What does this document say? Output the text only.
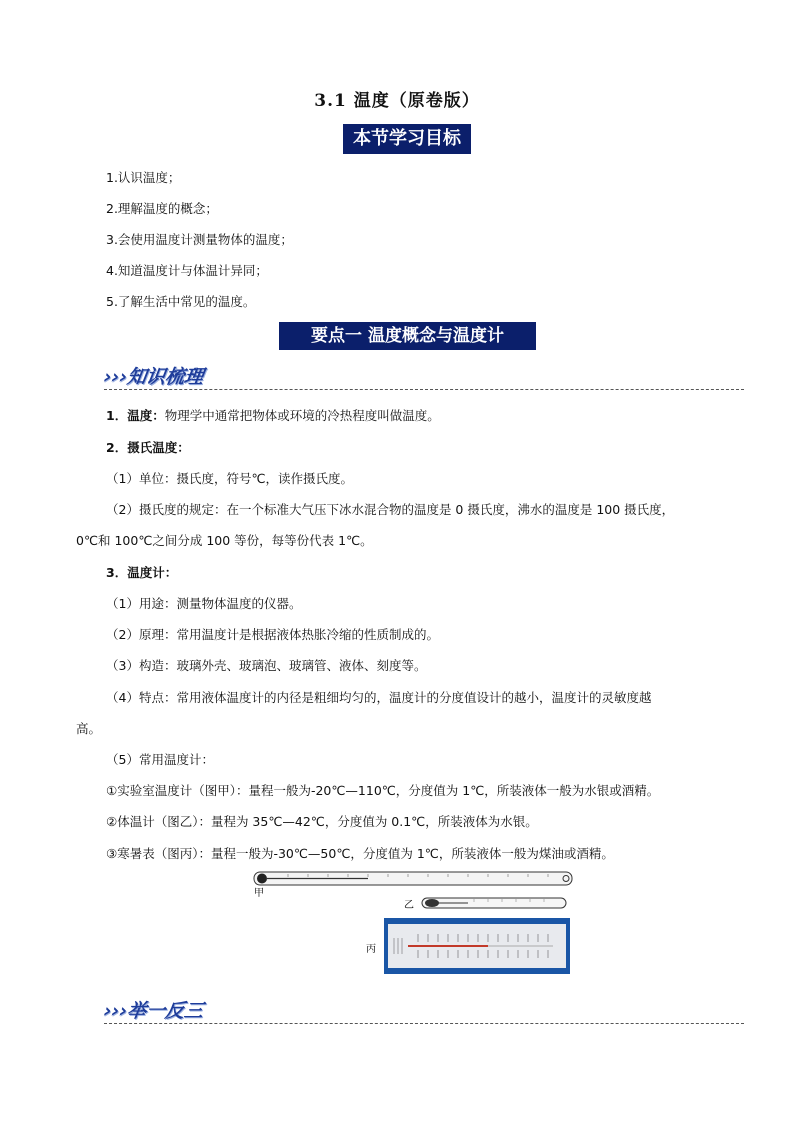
3.1 温度（原卷版）
本节学习目标
1.认识温度；
2.理解温度的概念；
3.会使用温度计测量物体的温度；
4.知道温度计与体温计异同；
5.了解生活中常见的温度。
要点一 温度概念与温度计
›››知识梳理
1．温度：物理学中通常把物体或环境的冷热程度叫做温度。
2．摄氏温度：
（1）单位：摄氏度，符号℃，读作摄氏度。
（2）摄氏度的规定：在一个标准大气压下冰水混合物的温度是 0 摄氏度，沸水的温度是 100 摄氏度，
0℃和 100℃之间分成 100 等份，每等份代表 1℃。
3．温度计：
（1）用途：测量物体温度的仪器。
（2）原理：常用温度计是根据液体热胀冷缩的性质制成的。
（3）构造：玻璃外壳、玻璃泡、玻璃管、液体、刻度等。
（4）特点：常用液体温度计的内径是粗细均匀的，温度计的分度值设计的越小，温度计的灵敏度越
高。
（5）常用温度计：
①实验室温度计（图甲）：量程一般为-20℃—110℃，分度值为 1℃，所装液体一般为水银或酒精。
②体温计（图乙）：量程为 35℃—42℃，分度值为 0.1℃，所装液体为水银。
③寒暑表（图丙）：量程一般为-30℃—50℃，分度值为 1℃，所装液体一般为煤油或酒精。
甲
乙
丙
›››举一反三
